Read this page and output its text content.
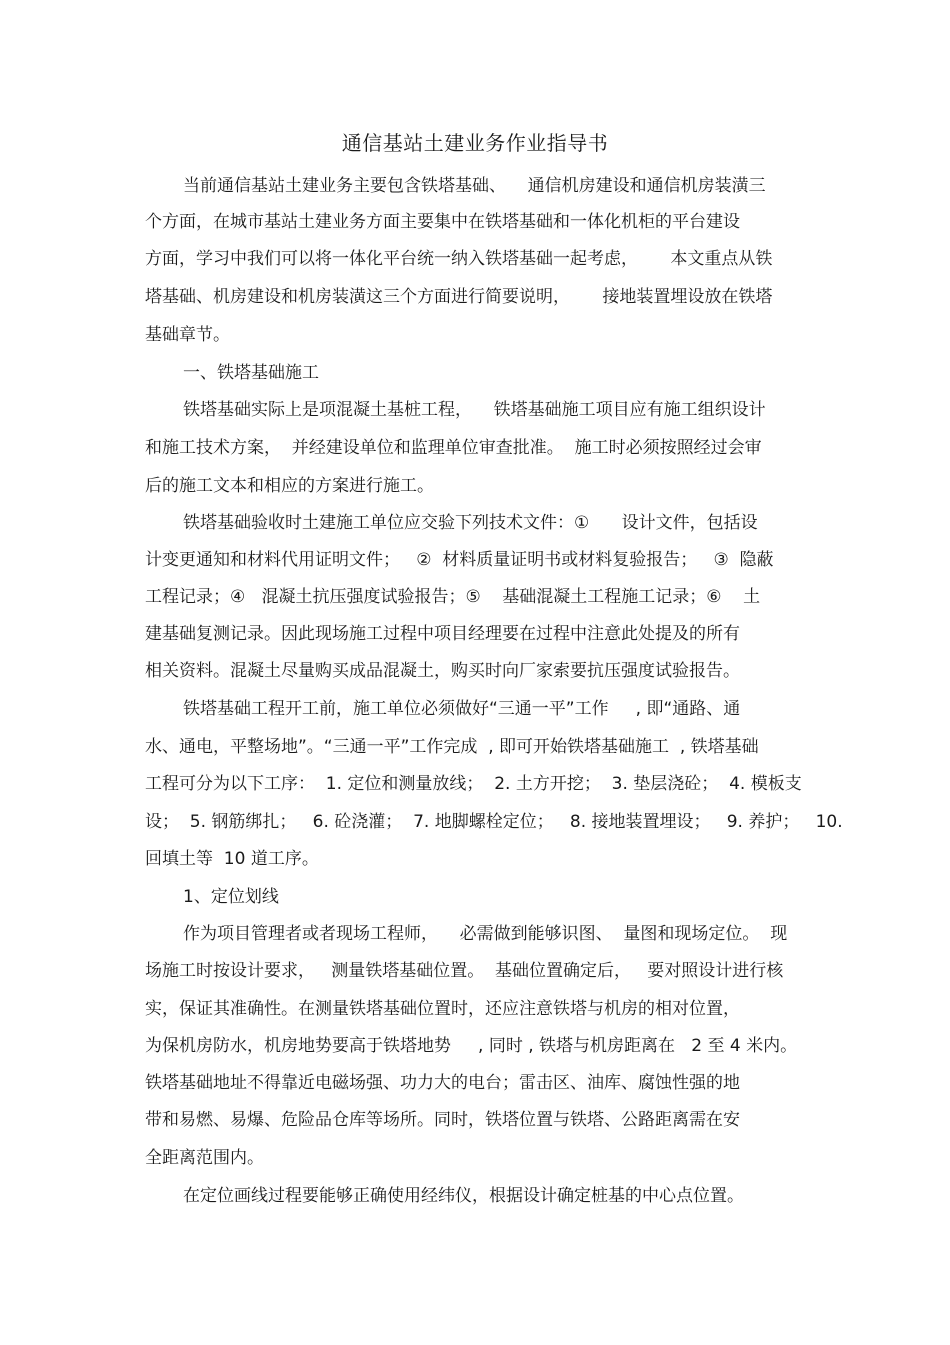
通信基站土建业务作业指导书
当前通信基站土建业务主要包含铁塔基础、    通信机房建设和通信机房装潢三
个方面，在城市基站土建业务方面主要集中在铁塔基础和一体化机柜的平台建设
方面，学习中我们可以将一体化平台统一纳入铁塔基础一起考虑，      本文重点从铁
塔基础、机房建设和机房装潢这三个方面进行简要说明，      接地装置埋设放在铁塔
基础章节。
一、铁塔基础施工
铁塔基础实际上是项混凝土基桩工程，    铁塔基础施工项目应有施工组织设计
和施工技术方案，  并经建设单位和监理单位审查批准。  施工时必须按照经过会审
后的施工文本和相应的方案进行施工。
铁塔基础验收时土建施工单位应交验下列技术文件：①      设计文件，包括设
计变更通知和材料代用证明文件；   ②  材料质量证明书或材料复验报告；   ③  隐蔽
工程记录；④   混凝土抗压强度试验报告；⑤    基础混凝土工程施工记录；⑥    土
建基础复测记录。因此现场施工过程中项目经理要在过程中注意此处提及的所有
相关资料。混凝土尽量购买成品混凝土，购买时向厂家索要抗压强度试验报告。
铁塔基础工程开工前，施工单位必须做好“三通一平”工作     , 即“通路、通
水、通电，平整场地”。“三通一平”工作完成  , 即可开始铁塔基础施工  , 铁塔基础
工程可分为以下工序：  1. 定位和测量放线；  2. 土方开挖；  3. 垫层浇砼；  4. 模板支
设；  5. 钢筋绑扎；   6. 砼浇灌；  7. 地脚螺栓定位；   8. 接地装置埋设；   9. 养护；   10.
回填土等  10 道工序。
1、定位划线
作为项目管理者或者现场工程师，    必需做到能够识图、  量图和现场定位。  现
场施工时按设计要求，   测量铁塔基础位置。  基础位置确定后，   要对照设计进行核
实，保证其准确性。在测量铁塔基础位置时，还应注意铁塔与机房的相对位置，
为保机房防水，机房地势要高于铁塔地势     , 同时 , 铁塔与机房距离在   2 至 4 米内。
铁塔基础地址不得靠近电磁场强、功力大的电台；雷击区、油库、腐蚀性强的地
带和易燃、易爆、危险品仓库等场所。同时，铁塔位置与铁塔、公路距离需在安
全距离范围内。
在定位画线过程要能够正确使用经纬仪，根据设计确定桩基的中心点位置。
